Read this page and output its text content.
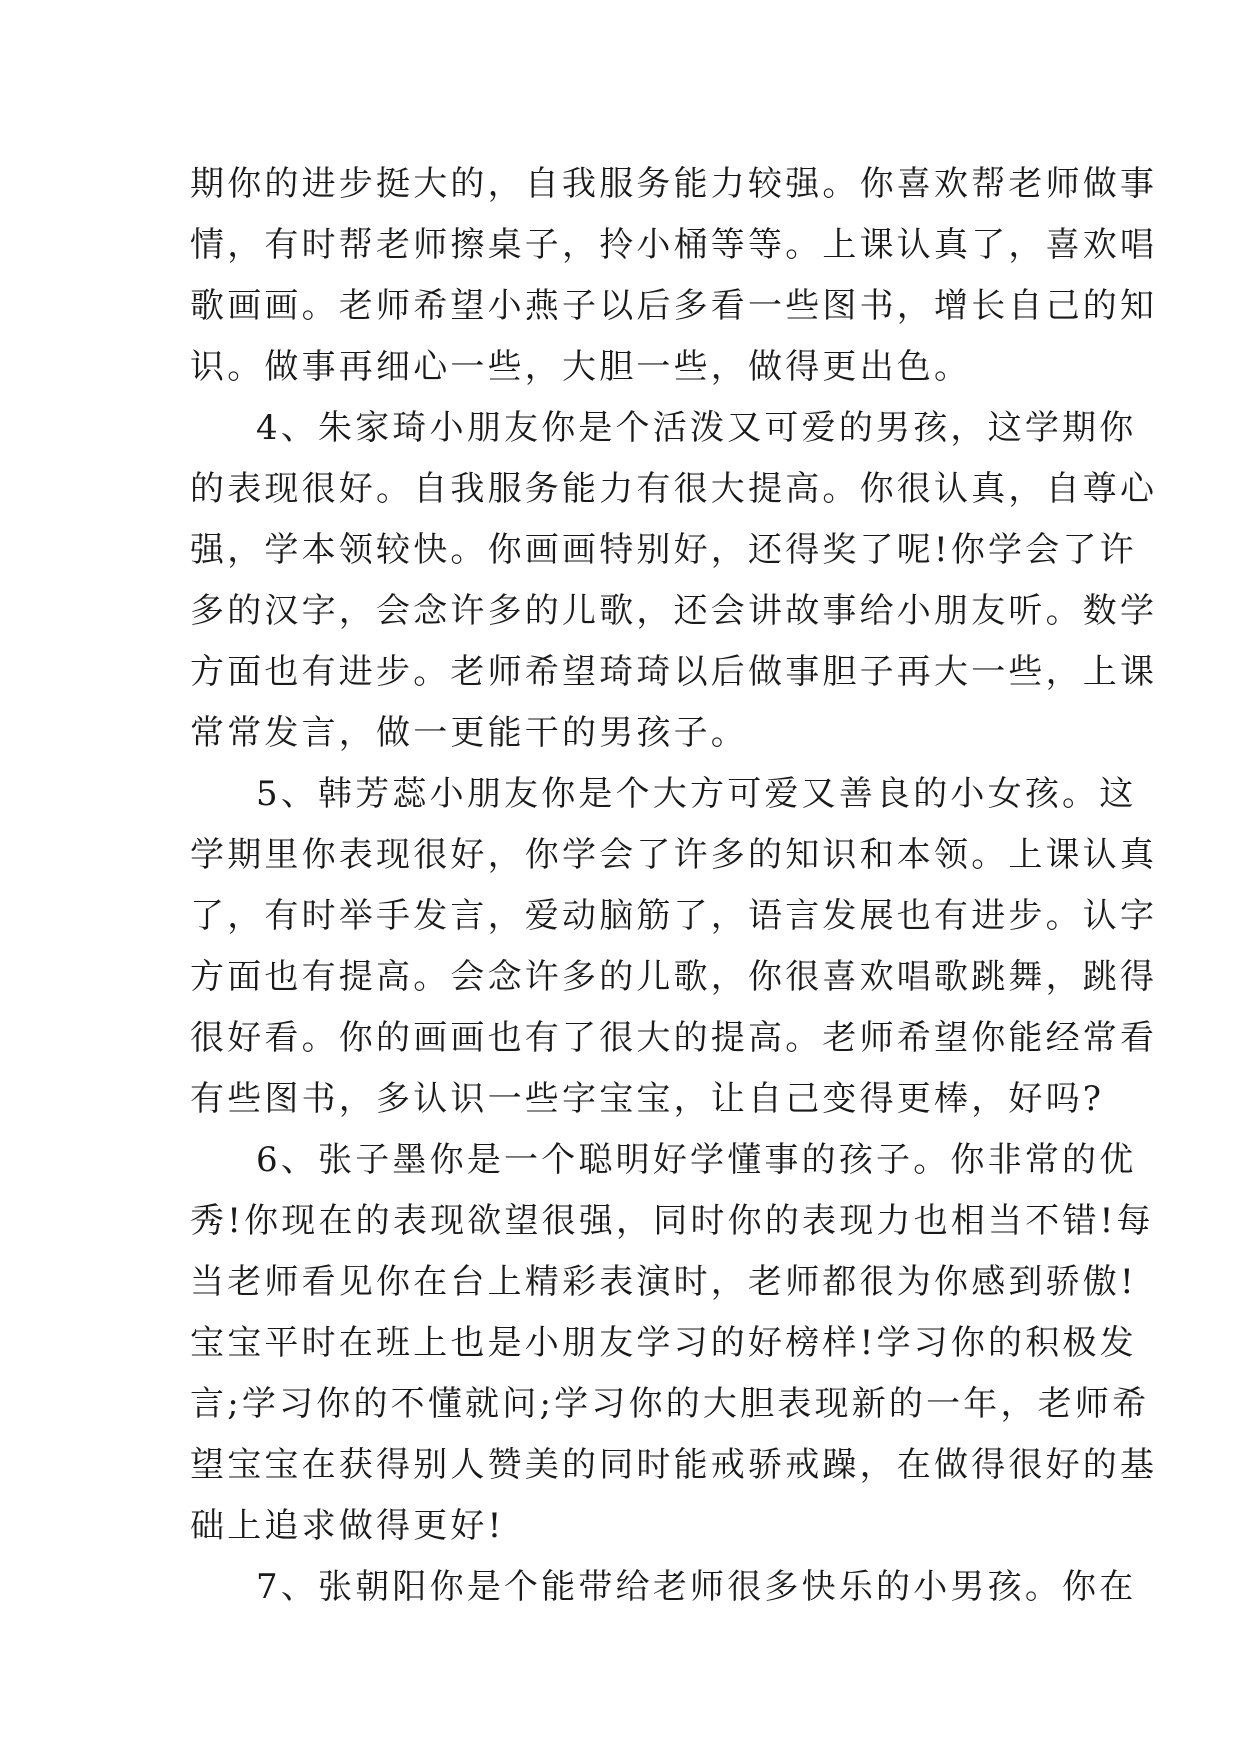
期你的进步挺大的，自我服务能力较强。你喜欢帮老师做事
情，有时帮老师擦桌子，拎小桶等等。上课认真了，喜欢唱
歌画画。老师希望小燕子以后多看一些图书，增长自己的知
识。做事再细心一些，大胆一些，做得更出色。
4、朱家琦小朋友你是个活泼又可爱的男孩，这学期你
的表现很好。自我服务能力有很大提高。你很认真，自尊心
强，学本领较快。你画画特别好，还得奖了呢!你学会了许
多的汉字，会念许多的儿歌，还会讲故事给小朋友听。数学
方面也有进步。老师希望琦琦以后做事胆子再大一些，上课
常常发言，做一更能干的男孩子。
5、韩芳蕊小朋友你是个大方可爱又善良的小女孩。这
学期里你表现很好，你学会了许多的知识和本领。上课认真
了，有时举手发言，爱动脑筋了，语言发展也有进步。认字
方面也有提高。会念许多的儿歌，你很喜欢唱歌跳舞，跳得
很好看。你的画画也有了很大的提高。老师希望你能经常看
有些图书，多认识一些字宝宝，让自己变得更棒，好吗?
6、张子墨你是一个聪明好学懂事的孩子。你非常的优
秀!你现在的表现欲望很强，同时你的表现力也相当不错!每
当老师看见你在台上精彩表演时，老师都很为你感到骄傲!
宝宝平时在班上也是小朋友学习的好榜样!学习你的积极发
言;学习你的不懂就问;学习你的大胆表现新的一年，老师希
望宝宝在获得别人赞美的同时能戒骄戒躁，在做得很好的基
础上追求做得更好!
7、张朝阳你是个能带给老师很多快乐的小男孩。你在
